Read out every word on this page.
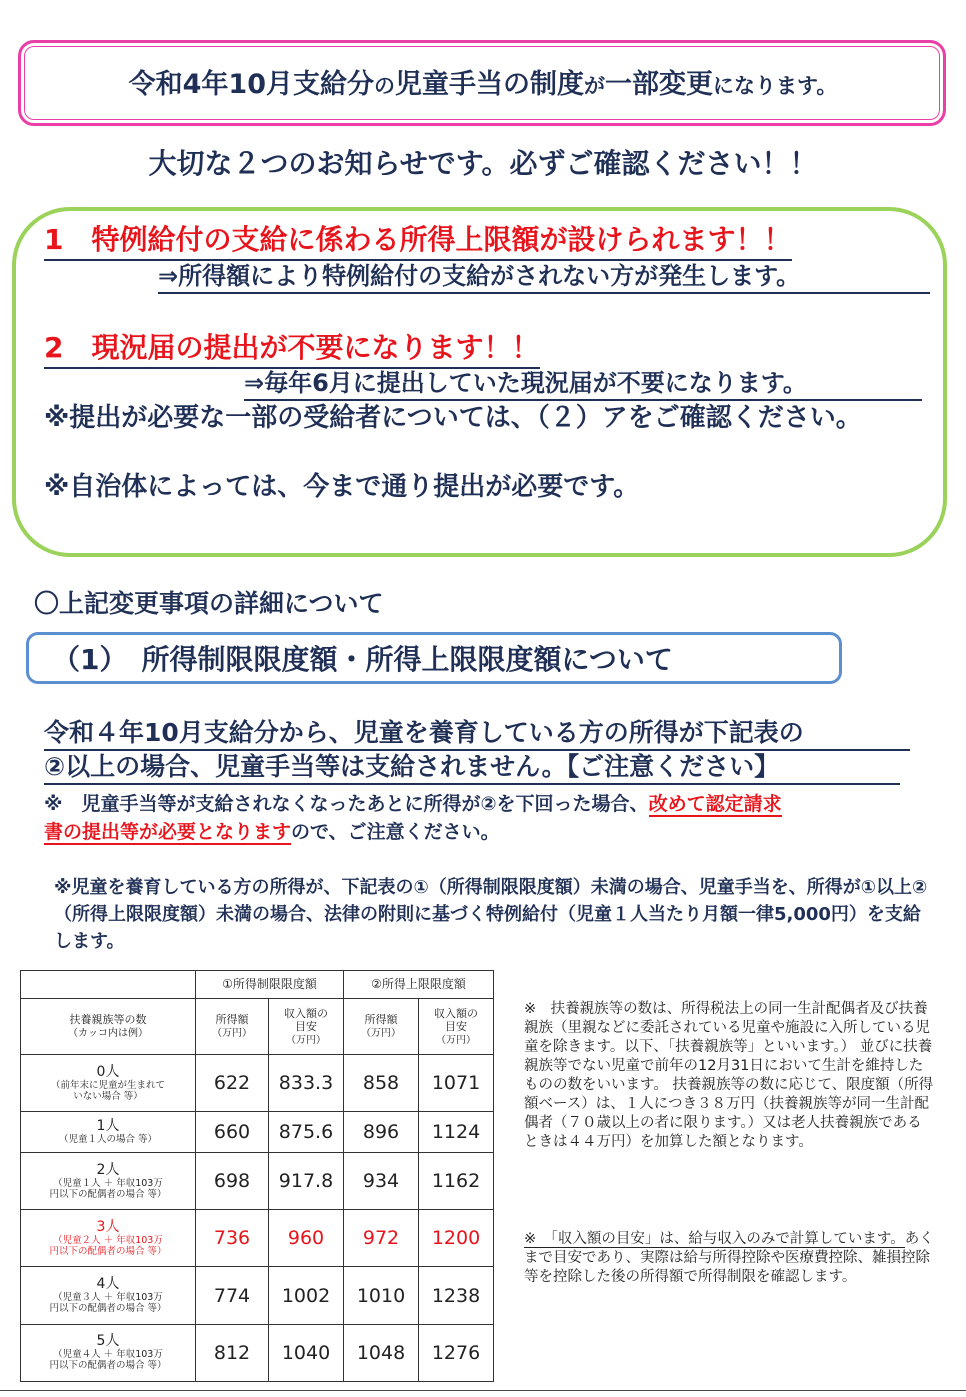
令和4年10月支給分の児童手当の制度が一部変更になります。
大切な２つのお知らせです。必ずご確認ください！！
1　特例給付の支給に係わる所得上限額が設けられます！！
⇒所得額により特例給付の支給がされない方が発生します。
2　現況届の提出が不要になります！！
⇒毎年6月に提出していた現況届が不要になります。
※提出が必要な一部の受給者については、（２）アをご確認ください。
※自治体によっては、今まで通り提出が必要です。
〇上記変更事項の詳細について
（1）　所得制限限度額・所得上限限度額について
令和４年10月支給分から、児童を養育している方の所得が下記表の
②以上の場合、児童手当等は支給されません。【ご注意ください】
※　児童手当等が支給されなくなったあとに所得が②を下回った場合、改めて認定請求
書の提出等が必要となりますので、ご注意ください。
※児童を養育している方の所得が、下記表の①（所得制限限度額）未満の場合、児童手当を、所得が①以上②（所得上限限度額）未満の場合、法律の附則に基づく特例給付（児童１人当たり月額一律5,000円）を支給します。
	①所得制限限度額		②所得上限限度額	
扶養親族等の数
（カッコ内は例）	所得額
（万円）	収入額の
目安
（万円）	所得額
（万円）	収入額の
目安
（万円）
0人
（前年末に児童が生まれて
いない場合 等）	622	833.3	858	1071
1人
（児童１人の場合 等）	660	875.6	896	1124
2人
（児童１人 ＋ 年収103万
円以下の配偶者の場合 等）	698	917.8	934	1162
3人
（児童２人 ＋ 年収103万
円以下の配偶者の場合 等）	736	960	972	1200
4人
（児童３人 ＋ 年収103万
円以下の配偶者の場合 等）	774	1002	1010	1238
5人
（児童４人 ＋ 年収103万
円以下の配偶者の場合 等）	812	1040	1048	1276
※　扶養親族等の数は、所得税法上の同一生計配偶者及び扶養 親族（里親などに委託されている児童や施設に入所している児童を除きます。以下、「扶養親族等」といいます。） 並びに扶養親族等でない児童で前年の12月31日において生計を維持したものの数をいいます。 扶養親族等の数に応じて、限度額（所得額ベース）は、１人につき３８万円（扶養親族等が同一生計配偶者（７０歳以上の者に限ります。）又は老人扶養親族であるときは４４万円）を加算した額となります。
※　「収入額の目安」は、給与収入のみで計算しています。あくまで目安であり、実際は給与所得控除や医療費控除、雑損控除等を控除した後の所得額で所得制限を確認します。
